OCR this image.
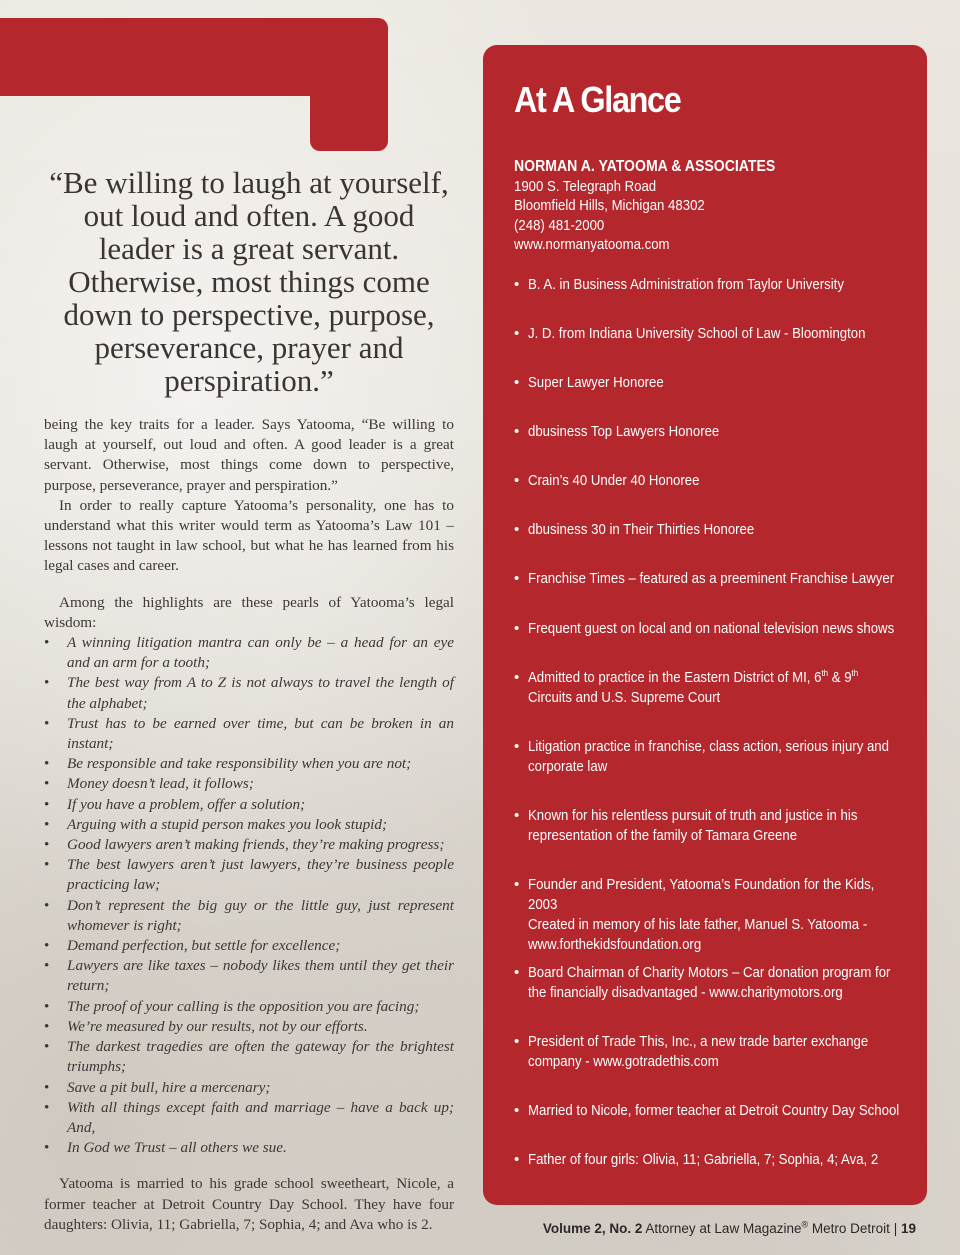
“Be willing to laugh at yourself, out loud and often. A good leader is a great servant. Otherwise, most things come down to perspective, purpose, perseverance, prayer and perspiration.”

being the key traits for a leader. Says Yatooma, “Be willing to laugh at yourself, out loud and often. A good leader is a great servant. Otherwise, most things come down to perspective, purpose, perseverance, prayer and perspiration.”

In order to really capture Yatooma’s personality, one has to understand what this writer would term as Yatooma’s Law 101 – lessons not taught in law school, but what he has learned from his legal cases and career.

Among the highlights are these pearls of Yatooma’s legal wisdom:

• A winning litigation mantra can only be – a head for an eye and an arm for a tooth;
• The best way from A to Z is not always to travel the length of the alphabet;
• Trust has to be earned over time, but can be broken in an instant;
• Be responsible and take responsibility when you are not;
• Money doesn’t lead, it follows;
• If you have a problem, offer a solution;
• Arguing with a stupid person makes you look stupid;
• Good lawyers aren’t making friends, they’re making progress;
• The best lawyers aren’t just lawyers, they’re business people practicing law;
• Don’t represent the big guy or the little guy, just represent whomever is right;
• Demand perfection, but settle for excellence;
• Lawyers are like taxes – nobody likes them until they get their return;
• The proof of your calling is the opposition you are facing;
• We’re measured by our results, not by our efforts.
• The darkest tragedies are often the gateway for the brightest triumphs;
• Save a pit bull, hire a mercenary;
• With all things except faith and marriage – have a back up; And,
• In God we Trust – all others we sue.

Yatooma is married to his grade school sweetheart, Nicole, a former teacher at Detroit Country Day School. They have four daughters: Olivia, 11; Gabriella, 7; Sophia, 4; and Ava who is 2.

At A Glance
NORMAN A. YATOOMA & ASSOCIATES
1900 S. Telegraph Road
Bloomfield Hills, Michigan 48302
(248) 481-2000
www.normanyatooma.com
• B. A. in Business Administration from Taylor University
• J. D. from Indiana University School of Law - Bloomington
• Super Lawyer Honoree
• dbusiness Top Lawyers Honoree
• Crain’s 40 Under 40 Honoree
• dbusiness 30 in Their Thirties Honoree
• Franchise Times – featured as a preeminent Franchise Lawyer
• Frequent guest on local and on national television news shows
• Admitted to practice in the Eastern District of MI, 6th & 9th
Circuits and U.S. Supreme Court
• Litigation practice in franchise, class action, serious injury and corporate law
• Known for his relentless pursuit of truth and justice in his representation of the family of Tamara Greene
• Founder and President, Yatooma’s Foundation for the Kids, 2003
Created in memory of his late father, Manuel S. Yatooma -
www.forthekidsfoundation.org
• Board Chairman of Charity Motors – Car donation program for the financially disadvantaged - www.charitymotors.org
• President of Trade This, Inc., a new trade barter exchange company - www.gotradethis.com
• Married to Nicole, former teacher at Detroit Country Day School
• Father of four girls: Olivia, 11; Gabriella, 7; Sophia, 4; Ava, 2
Volume 2, No. 2 Attorney at Law Magazine® Metro Detroit | 19
